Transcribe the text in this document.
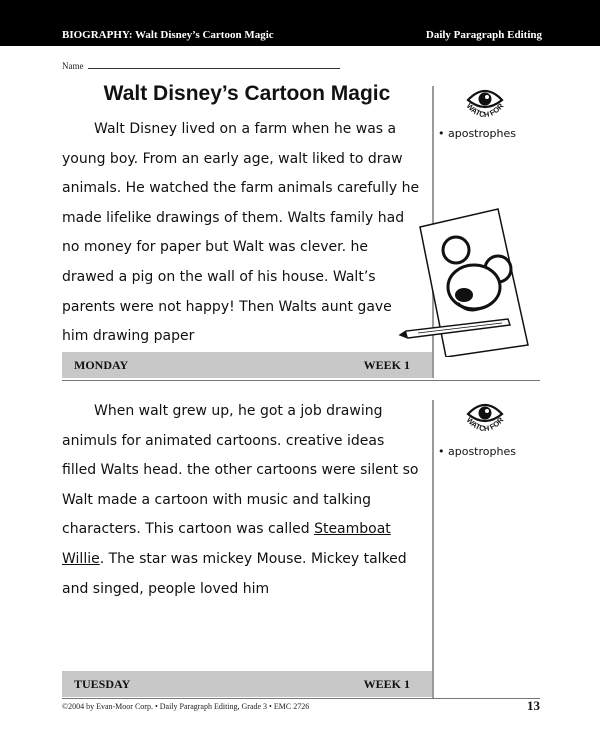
BIOGRAPHY: Walt Disney’s Cartoon Magic	Daily Paragraph Editing
Name
Walt Disney’s Cartoon Magic

Walt Disney lived on a farm when he was a young boy. From an early age, walt liked to draw animals. He watched the farm animals carefully he made lifelike drawings of them. Walts family had no money for paper but Walt was clever. he drawed a pig on the wall of his house. Walt’s parents were not happy! Then Walts aunt gave him drawing paper

WATCH FOR
• apostrophes
MONDAY	WEEK 1

When walt grew up, he got a job drawing animuls for animated cartoons. creative ideas filled Walts head. the other cartoons were silent so Walt made a cartoon with music and talking characters. This cartoon was called Steamboat Willie. The star was mickey Mouse. Mickey talked and singed, people loved him

WATCH FOR
• apostrophes
TUESDAY	WEEK 1
©2004 by Evan-Moor Corp. • Daily Paragraph Editing, Grade 3 • EMC 2726	13
